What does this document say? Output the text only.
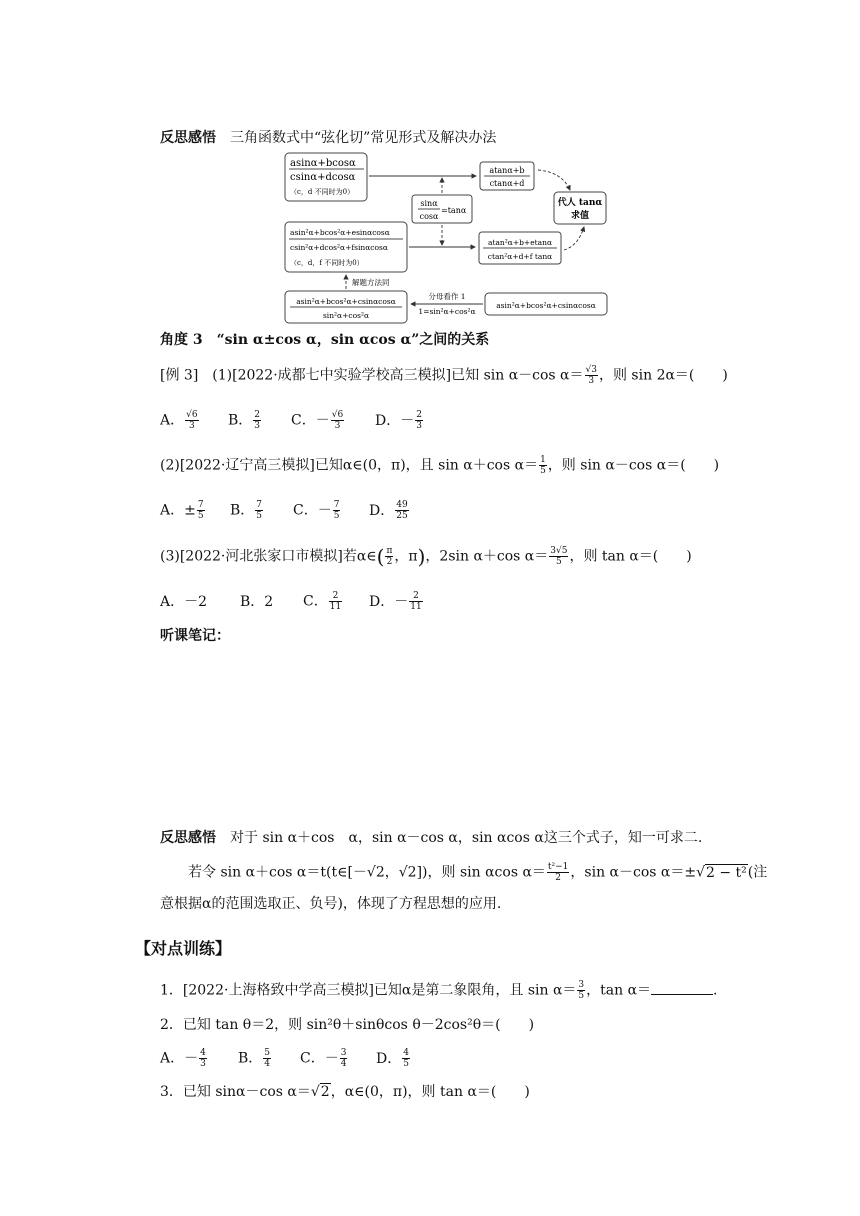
反思感悟　 三角函数式中“弦化切”常见形式及解决办法
asinα+bcosα
csinα+dcosα
（c，d 不同时为0）
atanα+b
ctanα+d
sinα
cosα
=tanα
代人 tanα
求值
asin²α+bcos²α+esinαcosα
csin²α+dcos²α+fsinαcosα
（c，d，f 不同时为0）
atan²α+b+etanα
ctan²α+d+f tanα
asin²α+bcos²α+csinαcosα
sin²α+cos²α
asin²α+bcos²α+csinαcosα
解题方法同
分母看作 1
1=sin²α+cos²α
角度 3　 “sin α±cos α，sin αcos α”之间的关系
[例 3]　(1)[2022·成都七中实验学校高三模拟]已知 sin α－cos $\alpha= \frac{√3}{3}$ ，则 sin 2α＝(　　)
A． $\frac{√6}{3}$ B． $\frac{2}{3}$ C．－ $\frac{√6}{3}$ D．－ $\frac{2}{3}$
(2)[2022·辽宁高三模拟]已知α∈(0，π)，且 sin α＋cos $\alpha= \frac{1}{5}$ ，则 sin α－cos α＝(　　)
A．± $\frac{7}{5}$ B． $\frac{7}{5}$ C．－ $\frac{7}{5}$ D． $\frac{49}{25}$
(3)[2022·河北张家口市模拟]若α∈( $\frac{\pi}{2}$ ，π)，2sin α＋cos $\alpha= \frac{3√5}{5}$ ，则 tan α＝(　　)
A．－2 B．2 C． $\frac{2}{11}$ D．－ $\frac{2}{11}$
听课笔记：
反思感悟　 对于 sin α＋cos　α，sin α－cos α，sin αcos α这三个式子，知一可求二.
若令 sin α＋cos α＝t(t∈[－√2，√2])，则 sin αcos $\alpha= \frac{\text{t²−1}}{2}$ ，sin α－cos α＝±√2 − t²(注
意根据α的范围选取正、负号)，体现了方程思想的应用.
【对点训练】
1．[2022·上海格致中学高三模拟]已知α是第二象限角，且 $\sin \alpha= \frac{3}{5}$ ，tan α＝	.
2．已知 tan θ＝2，则 sin²θ＋sinθcos θ－2cos²θ＝(　　)
A．－ $\frac{4}{3}$ B． $\frac{5}{4}$ C．－ $\frac{3}{4}$ D． $\frac{4}{5}$
3．已知 sinα－cos α＝√2，α∈(0，π)，则 tan α＝(　　)
